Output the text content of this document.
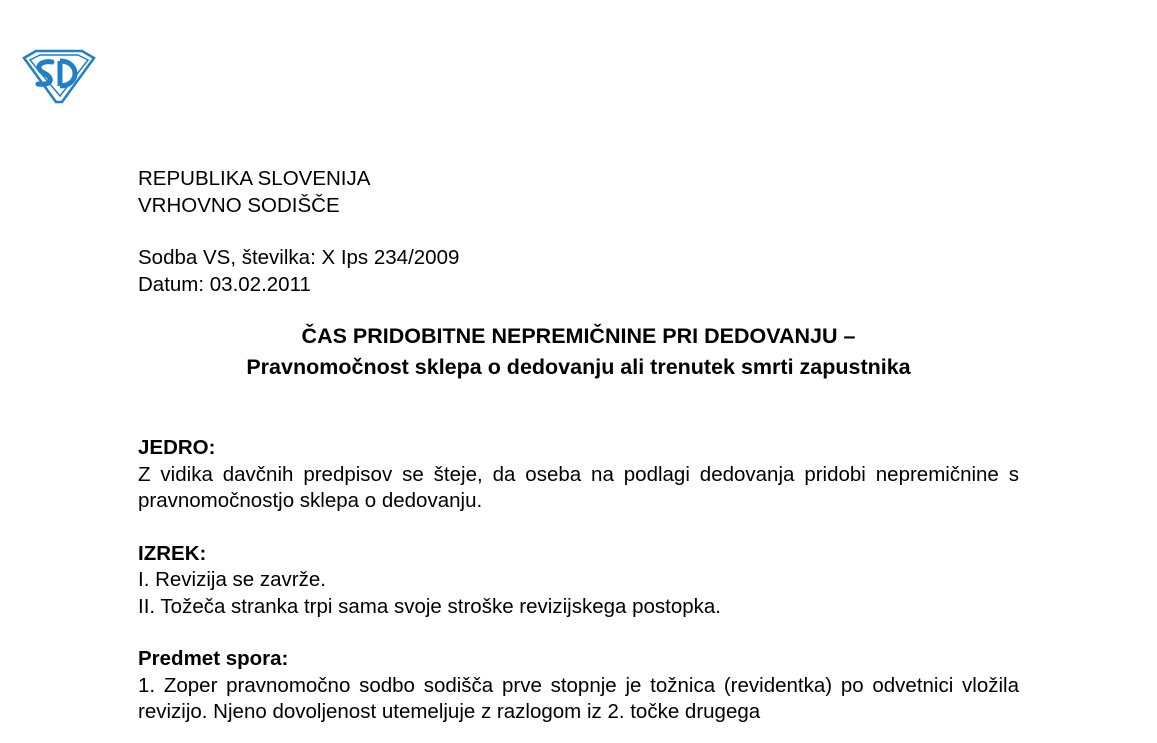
REPUBLIKA SLOVENIJA
VRHOVNO SODIŠČE
Sodba VS, številka: X Ips 234/2009
Datum: 03.02.2011
ČAS PRIDOBITNE NEPREMIČNINE PRI DEDOVANJU –
Pravnomočnost sklepa o dedovanju ali trenutek smrti zapustnika
JEDRO:
Z vidika davčnih predpisov se šteje, da oseba na podlagi dedovanja pridobi nepremičnine s pravnomočnostjo sklepa o dedovanju.
IZREK:
I. Revizija se zavrže.
II. Tožeča stranka trpi sama svoje stroške revizijskega postopka.
Predmet spora:
1. Zoper pravnomočno sodbo sodišča prve stopnje je tožnica (revidentka) po odvetnici vložila revizijo. Njeno dovoljenost utemeljuje z razlogom iz 2. točke drugega
